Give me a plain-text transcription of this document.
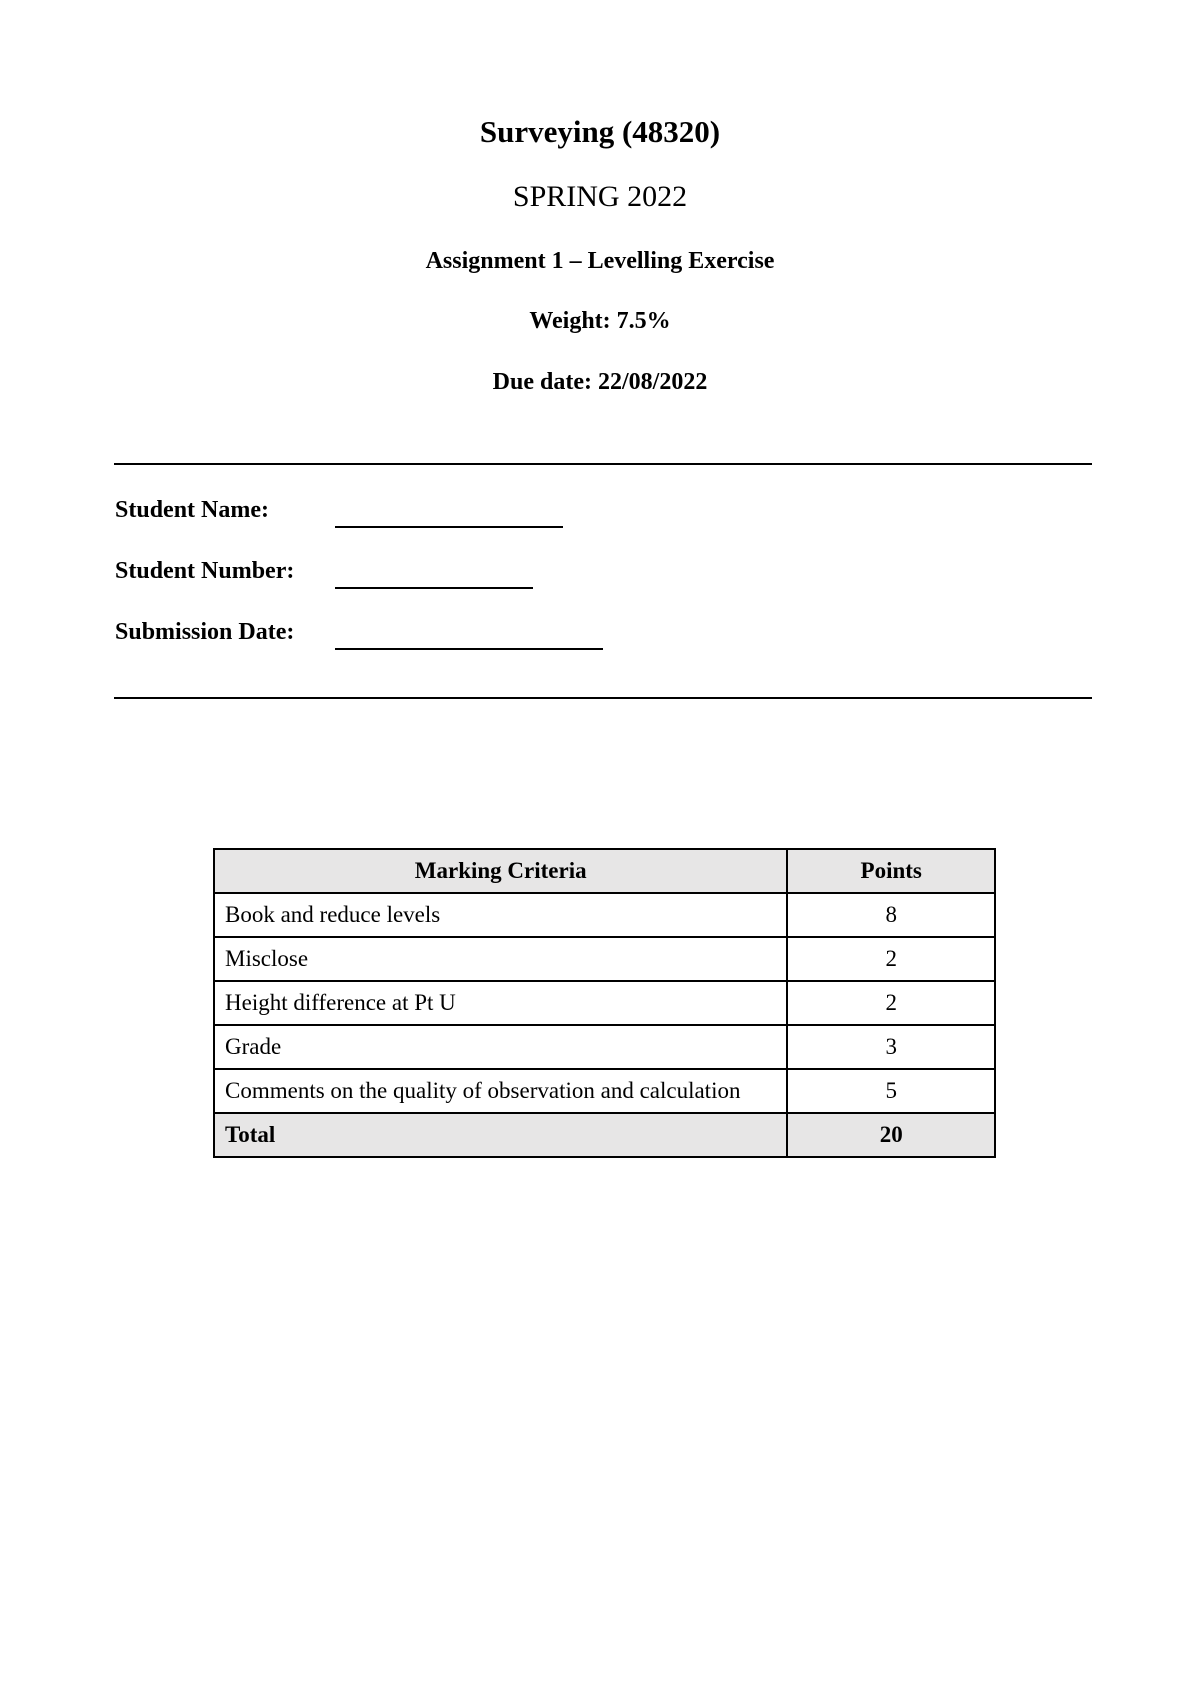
Surveying (48320)
SPRING 2022
Assignment 1 – Levelling Exercise
Weight: 7.5%
Due date: 22/08/2022
Student Name:
Student Number:
Submission Date:
Marking Criteria	Points
Book and reduce levels	8
Misclose	2
Height difference at Pt U	2
Grade	3
Comments on the quality of observation and calculation	5
Total	20
